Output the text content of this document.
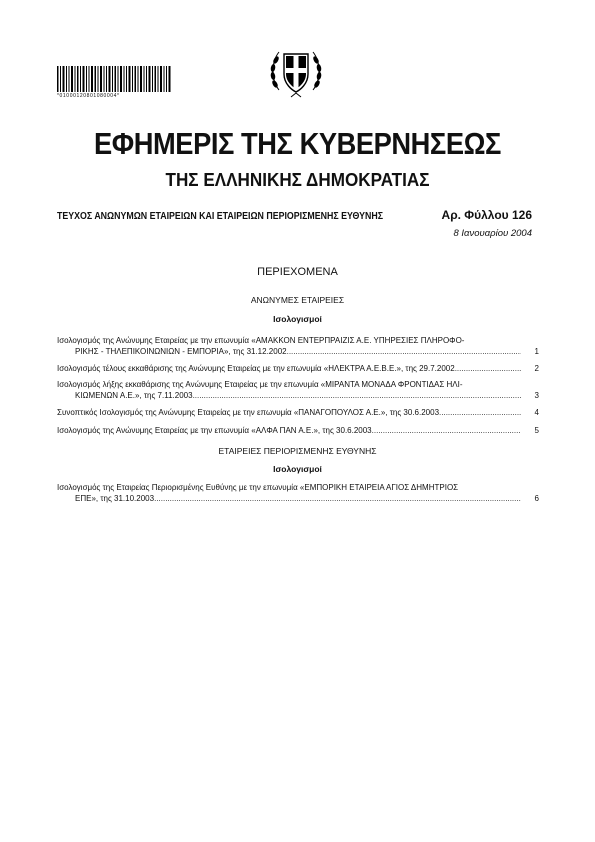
*01000120801080004*
ΕΦΗΜΕΡΙΣ ΤΗΣ ΚΥΒΕΡΝΗΣΕΩΣ
ΤΗΣ ΕΛΛΗΝΙΚΗΣ ΔΗΜΟΚΡΑΤΙΑΣ
ΤΕΥΧΟΣ ΑΝΩΝΥΜΩΝ ΕΤΑΙΡΕΙΩΝ ΚΑΙ ΕΤΑΙΡΕΙΩΝ ΠΕΡΙΟΡΙΣΜΕΝΗΣ ΕΥΘΥΝΗΣ	Αρ. Φύλλου 126
8 Ιανουαρίου 2004
ΠΕΡΙΕΧΟΜΕΝΑ
ΑΝΩΝΥΜΕΣ ΕΤΑΙΡΕΙΕΣ
Ισολογισμοί
Ισολογισμός της Ανώνυμης Εταιρείας με την επωνυμία «ΑΜΑΚΚΟΝ ΕΝΤΕΡΠΡΑΙΖΙΣ Α.Ε. ΥΠΗΡΕΣΙΕΣ ΠΛΗΡΟΦΟ-
ΡΙΚΗΣ - ΤΗΛΕΠΙΚΟΙΝΩΝΙΩΝ - ΕΜΠΟΡΙΑ», της 31.12.2002 .....	1
Ισολογισμός τέλους εκκαθάρισης της Ανώνυμης Εταιρείας με την επωνυμία «ΗΛΕΚΤΡΑ Α.Ε.Β.Ε.», της 29.7.2002 .....	2
Ισολογισμός λήξης εκκαθάρισης της Ανώνυμης Εταιρείας με την επωνυμία «ΜΙΡΑΝΤΑ ΜΟΝΑΔΑ ΦΡΟΝΤΙΔΑΣ ΗΛΙ-
ΚΙΩΜΕΝΩΝ Α.Ε.», της 7.11.2003 .....	3
Συνοπτικός Ισολογισμός της Ανώνυμης Εταιρείας με την επωνυμία «ΠΑΝΑΓΟΠΟΥΛΟΣ Α.Ε.», της 30.6.2003 .....	4
Ισολογισμός της Ανώνυμης Εταιρείας με την επωνυμία «ΑΛΦΑ ΠΑΝ Α.Ε.», της 30.6.2003 .....	5
ΕΤΑΙΡΕΙΕΣ ΠΕΡΙΟΡΙΣΜΕΝΗΣ ΕΥΘΥΝΗΣ
Ισολογισμοί
Ισολογισμός της Εταιρείας Περιορισμένης Ευθύνης με την επωνυμία «ΕΜΠΟΡΙΚΗ ΕΤΑΙΡΕΙΑ ΑΓΙΟΣ ΔΗΜΗΤΡΙΟΣ
ΕΠΕ», της 31.10.2003 .....	6
